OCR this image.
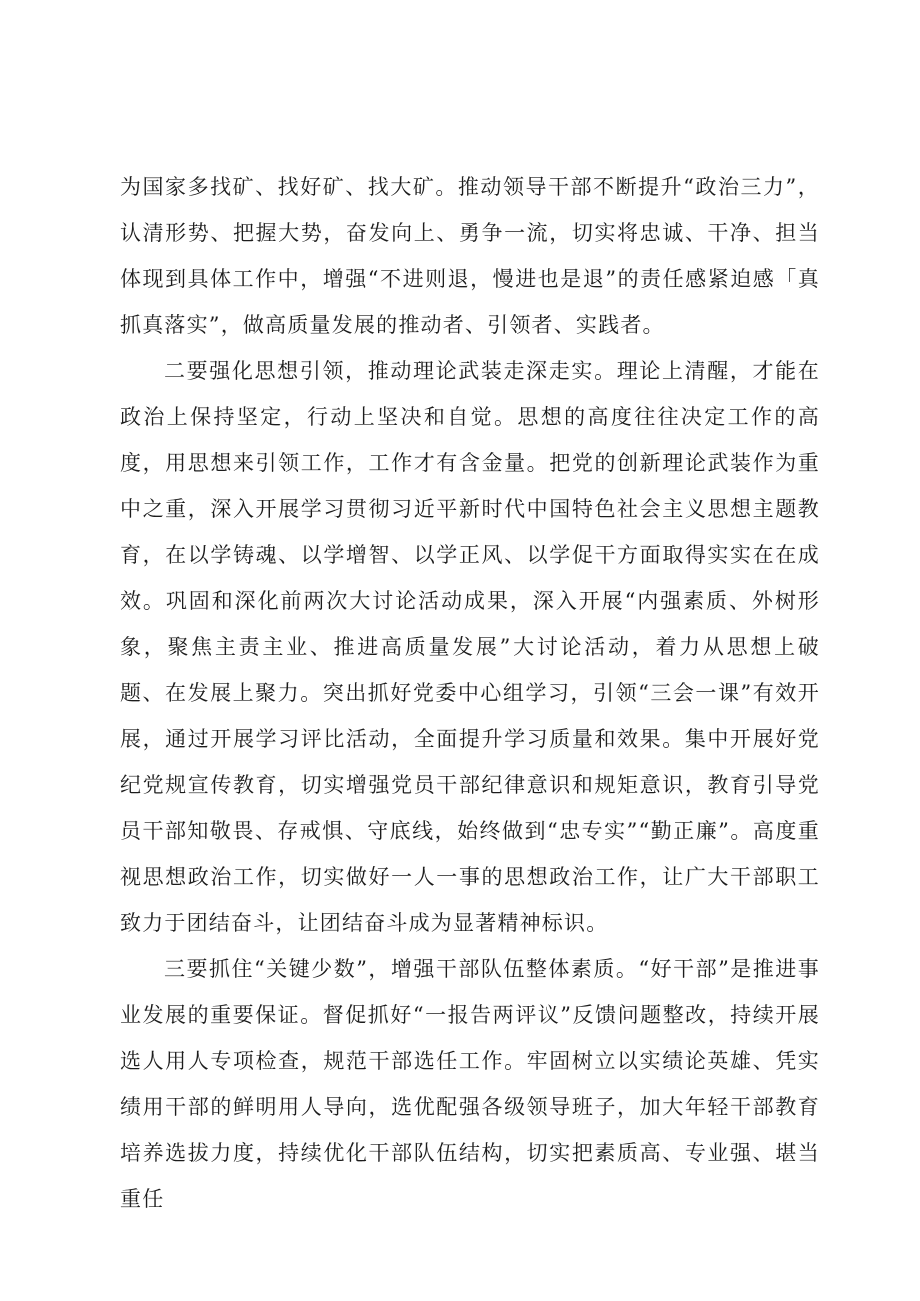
为国家多找矿、找好矿、找大矿。推动领导干部不断提升“政治三力”，认清形势、把握大势，奋发向上、勇争一流，切实将忠诚、干净、担当体现到具体工作中，增强“不进则退，慢进也是退”的责任感紧迫感「真抓真落实”，做高质量发展的推动者、引领者、实践者。

二要强化思想引领，推动理论武装走深走实。理论上清醒，才能在政治上保持坚定，行动上坚决和自觉。思想的高度往往决定工作的高度，用思想来引领工作，工作才有含金量。把党的创新理论武装作为重中之重，深入开展学习贯彻习近平新时代中国特色社会主义思想主题教育，在以学铸魂、以学增智、以学正风、以学促干方面取得实实在在成效。巩固和深化前两次大讨论活动成果，深入开展“内强素质、外树形象，聚焦主责主业、推进高质量发展”大讨论活动，着力从思想上破题、在发展上聚力。突出抓好党委中心组学习，引领“三会一课”有效开展，通过开展学习评比活动，全面提升学习质量和效果。集中开展好党纪党规宣传教育，切实增强党员干部纪律意识和规矩意识，教育引导党员干部知敬畏、存戒惧、守底线，始终做到“忠专实”“勤正廉”。高度重视思想政治工作，切实做好一人一事的思想政治工作，让广大干部职工致力于团结奋斗，让团结奋斗成为显著精神标识。

三要抓住“关键少数”，增强干部队伍整体素质。“好干部”是推进事业发展的重要保证。督促抓好“一报告两评议”反馈问题整改，持续开展选人用人专项检查，规范干部选任工作。牢固树立以实绩论英雄、凭实绩用干部的鲜明用人导向，选优配强各级领导班子，加大年轻干部教育培养选拔力度，持续优化干部队伍结构，切实把素质高、专业强、堪当重任
